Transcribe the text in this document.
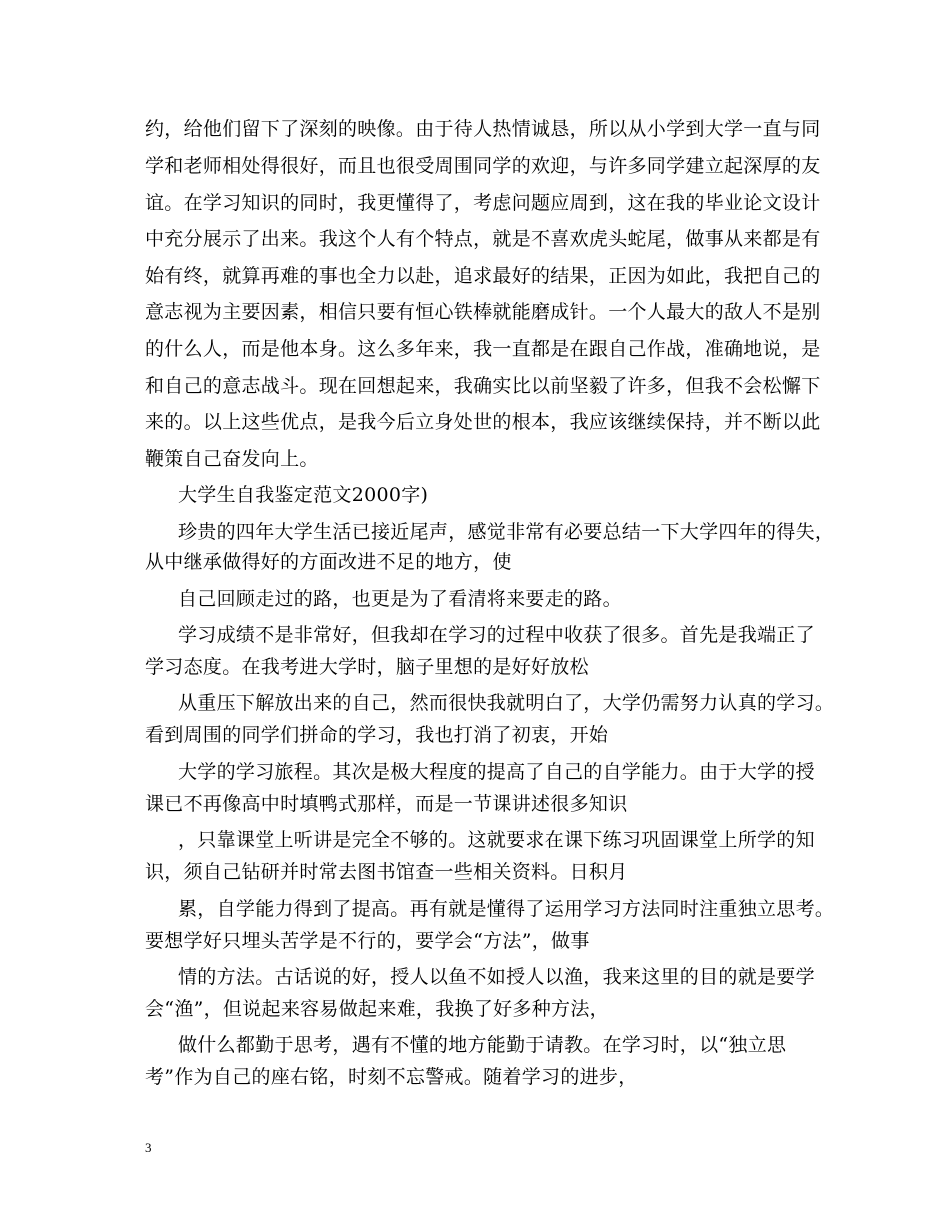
约，给他们留下了深刻的映像。由于待人热情诚恳，所以从小学到大学一直与同
学和老师相处得很好，而且也很受周围同学的欢迎，与许多同学建立起深厚的友
谊。在学习知识的同时，我更懂得了，考虑问题应周到，这在我的毕业论文设计
中充分展示了出来。我这个人有个特点，就是不喜欢虎头蛇尾，做事从来都是有
始有终，就算再难的事也全力以赴，追求最好的结果，正因为如此，我把自己的
意志视为主要因素，相信只要有恒心铁棒就能磨成针。一个人最大的敌人不是别
的什么人，而是他本身。这么多年来，我一直都是在跟自己作战，准确地说，是
和自己的意志战斗。现在回想起来，我确实比以前坚毅了许多，但我不会松懈下
来的。以上这些优点，是我今后立身处世的根本，我应该继续保持，并不断以此
鞭策自己奋发向上。
大学生自我鉴定范文2000字)
珍贵的四年大学生活已接近尾声，感觉非常有必要总结一下大学四年的得失，
从中继承做得好的方面改进不足的地方，使
自己回顾走过的路，也更是为了看清将来要走的路。
学习成绩不是非常好，但我却在学习的过程中收获了很多。首先是我端正了
学习态度。在我考进大学时，脑子里想的是好好放松
从重压下解放出来的自己，然而很快我就明白了，大学仍需努力认真的学习。
看到周围的同学们拼命的学习，我也打消了初衷，开始
大学的学习旅程。其次是极大程度的提高了自己的自学能力。由于大学的授
课已不再像高中时填鸭式那样，而是一节课讲述很多知识
，只靠课堂上听讲是完全不够的。这就要求在课下练习巩固课堂上所学的知
识，须自己钻研并时常去图书馆查一些相关资料。日积月
累，自学能力得到了提高。再有就是懂得了运用学习方法同时注重独立思考。
要想学好只埋头苦学是不行的，要学会“方法”，做事
情的方法。古话说的好，授人以鱼不如授人以渔，我来这里的目的就是要学
会“渔”，但说起来容易做起来难，我换了好多种方法，
做什么都勤于思考，遇有不懂的地方能勤于请教。在学习时，以“独立思
考”作为自己的座右铭，时刻不忘警戒。随着学习的进步，
3
